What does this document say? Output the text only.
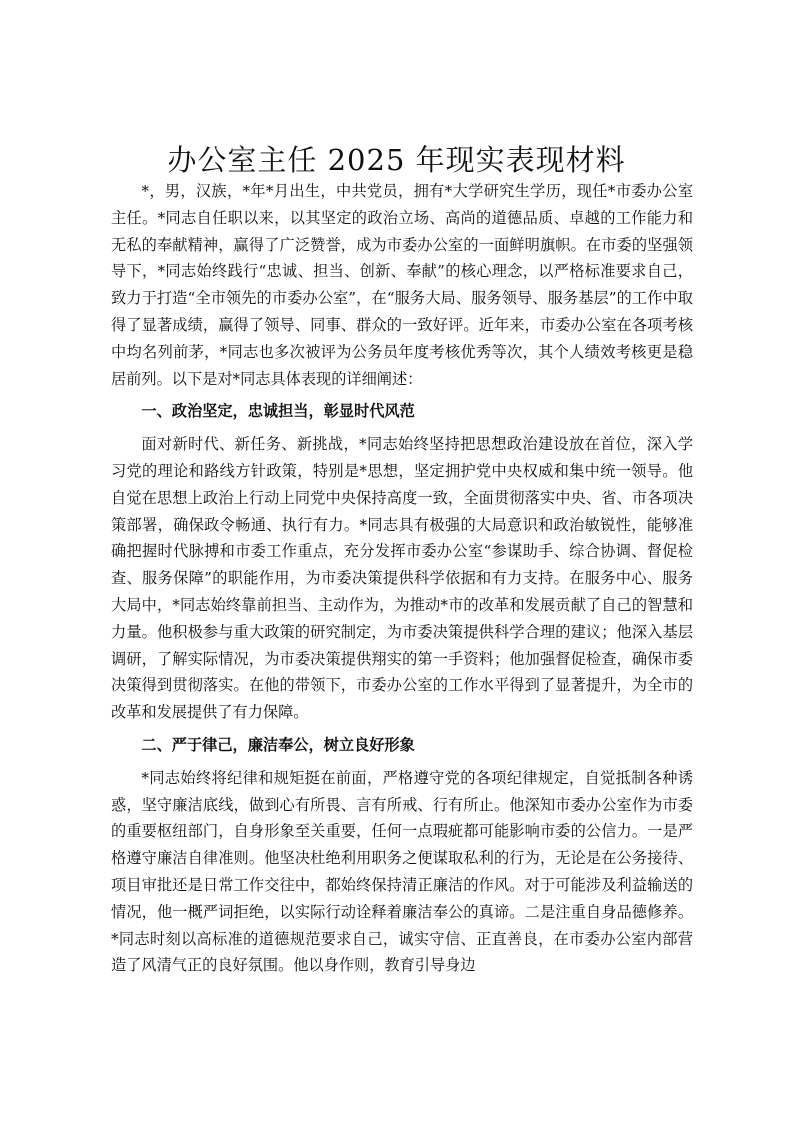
办公室主任 2025 年现实表现材料

*，男，汉族，*年*月出生，中共党员，拥有*大学研究生学历，现任*市委办公室主任。*同志自任职以来，以其坚定的政治立场、高尚的道德品质、卓越的工作能力和无私的奉献精神，赢得了广泛赞誉，成为市委办公室的一面鲜明旗帜。在市委的坚强领导下，*同志始终践行“忠诚、担当、创新、奉献”的核心理念，以严格标准要求自己，致力于打造“全市领先的市委办公室”，在“服务大局、服务领导、服务基层”的工作中取得了显著成绩，赢得了领导、同事、群众的一致好评。近年来，市委办公室在各项考核中均名列前茅，*同志也多次被评为公务员年度考核优秀等次，其个人绩效考核更是稳居前列。以下是对*同志具体表现的详细阐述：

一、政治坚定，忠诚担当，彰显时代风范

面对新时代、新任务、新挑战，*同志始终坚持把思想政治建设放在首位，深入学习党的理论和路线方针政策，特别是*思想，坚定拥护党中央权威和集中统一领导。他自觉在思想上政治上行动上同党中央保持高度一致，全面贯彻落实中央、省、市各项决策部署，确保政令畅通、执行有力。*同志具有极强的大局意识和政治敏锐性，能够准确把握时代脉搏和市委工作重点，充分发挥市委办公室“参谋助手、综合协调、督促检查、服务保障”的职能作用，为市委决策提供科学依据和有力支持。在服务中心、服务大局中，*同志始终靠前担当、主动作为，为推动*市的改革和发展贡献了自己的智慧和力量。他积极参与重大政策的研究制定，为市委决策提供科学合理的建议；他深入基层调研，了解实际情况，为市委决策提供翔实的第一手资料；他加强督促检查，确保市委决策得到贯彻落实。在他的带领下，市委办公室的工作水平得到了显著提升，为全市的改革和发展提供了有力保障。

二、严于律己，廉洁奉公，树立良好形象

*同志始终将纪律和规矩挺在前面，严格遵守党的各项纪律规定，自觉抵制各种诱惑，坚守廉洁底线，做到心有所畏、言有所戒、行有所止。他深知市委办公室作为市委的重要枢纽部门，自身形象至关重要，任何一点瑕疵都可能影响市委的公信力。一是严格遵守廉洁自律准则。他坚决杜绝利用职务之便谋取私利的行为，无论是在公务接待、项目审批还是日常工作交往中，都始终保持清正廉洁的作风。对于可能涉及利益输送的情况，他一概严词拒绝，以实际行动诠释着廉洁奉公的真谛。二是注重自身品德修养。*同志时刻以高标准的道德规范要求自己，诚实守信、正直善良，在市委办公室内部营造了风清气正的良好氛围。他以身作则，教育引导身边
